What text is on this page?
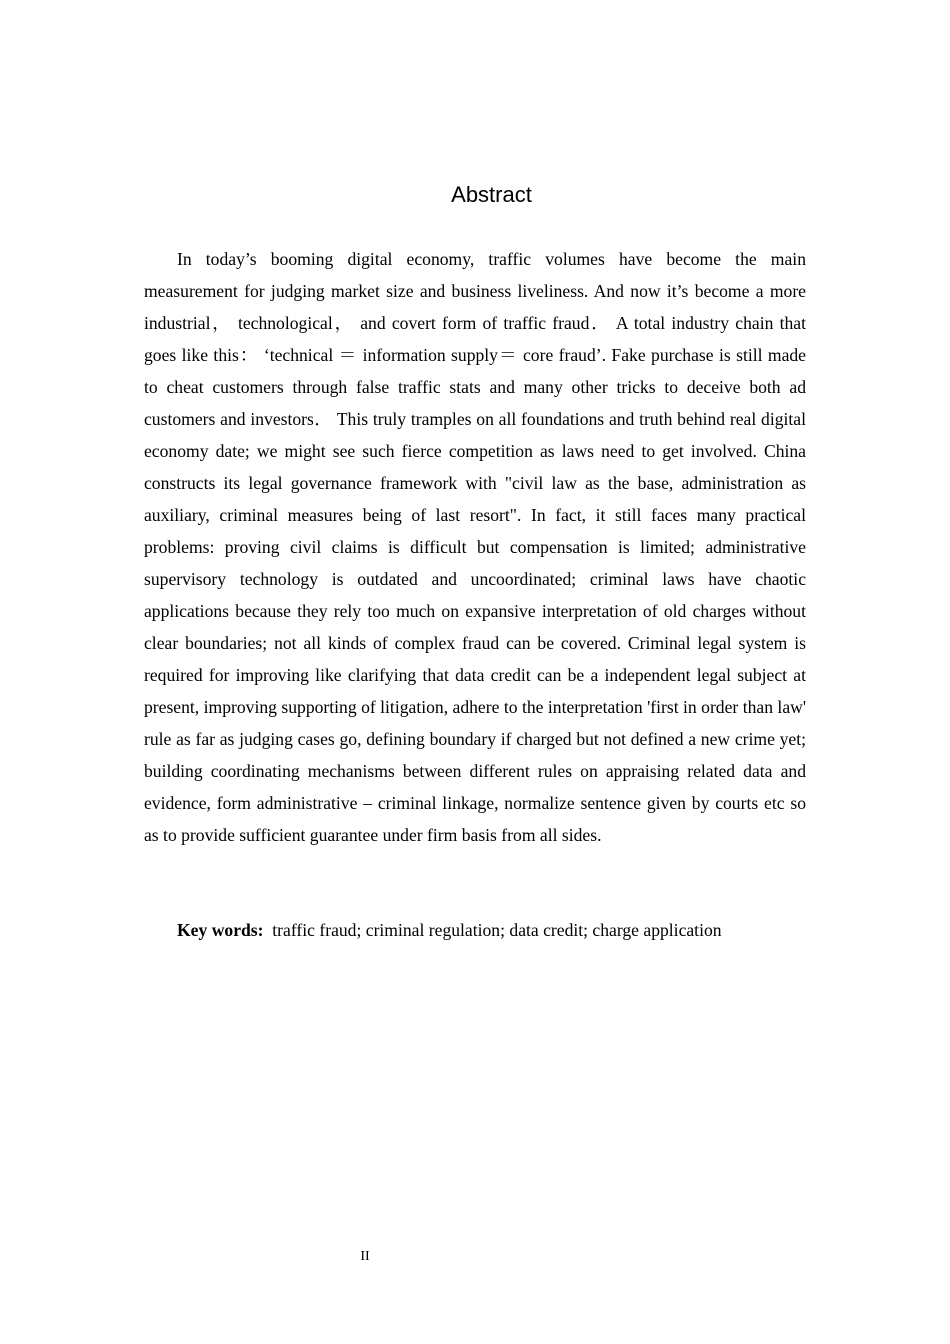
Abstract

In today’s booming digital economy, traffic volumes have become the main measurement for judging market size and business liveliness. And now it’s become a more industrial， technological， and covert form of traffic fraud． A total industry chain that goes like this： ‘technical ＝ information supply＝ core fraud’. Fake purchase is still made to cheat customers through false traffic stats and many other tricks to deceive both ad customers and investors． This truly tramples on all foundations and truth behind real digital economy date; we might see such fierce competition as laws need to get involved. China constructs its legal governance framework with "civil law as the base, administration as auxiliary, criminal measures being of last resort". In fact, it still faces many practical problems: proving civil claims is difficult but compensation is limited; administrative supervisory technology is outdated and uncoordinated; criminal laws have chaotic applications because they rely too much on expansive interpretation of old charges without clear boundaries; not all kinds of complex fraud can be covered. Criminal legal system is required for improving like clarifying that data credit can be a independent legal subject at present, improving supporting of litigation, adhere to the interpretation 'first in order than law' rule as far as judging cases go, defining boundary if charged but not defined a new crime yet; building coordinating mechanisms between different rules on appraising related data and evidence, form administrative – criminal linkage, normalize sentence given by courts etc so as to provide sufficient guarantee under firm basis from all sides.

Key words: traffic fraud; criminal regulation; data credit; charge application

II
